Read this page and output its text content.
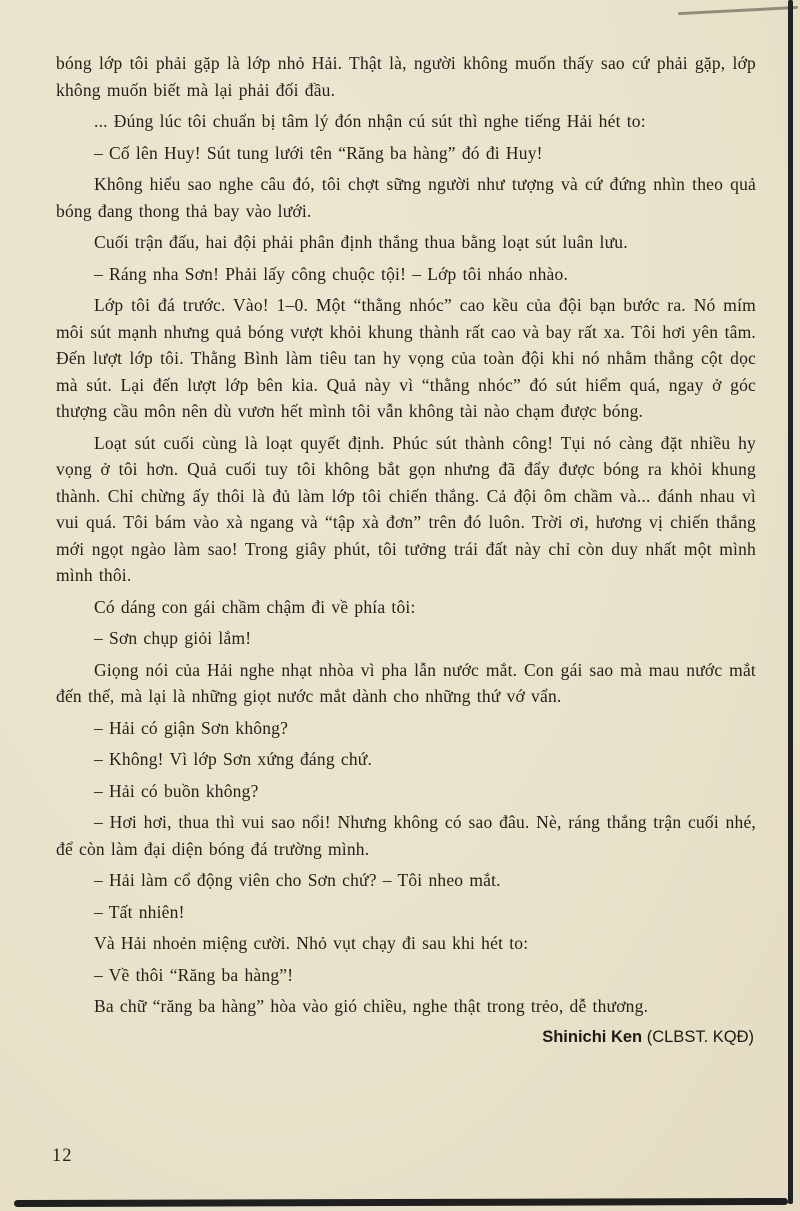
bóng lớp tôi phải gặp là lớp nhỏ Hải. Thật là, người không muốn thấy sao cứ phải gặp, lớp không muốn biết mà lại phải đối đầu.

... Đúng lúc tôi chuẩn bị tâm lý đón nhận cú sút thì nghe tiếng Hải hét to:

– Cố lên Huy! Sút tung lưới tên “Răng ba hàng” đó đi Huy!

Không hiểu sao nghe câu đó, tôi chợt sững người như tượng và cứ đứng nhìn theo quả bóng đang thong thả bay vào lưới.

Cuối trận đấu, hai đội phải phân định thắng thua bằng loạt sút luân lưu.

– Ráng nha Sơn! Phải lấy công chuộc tội! – Lớp tôi nháo nhào.

Lớp tôi đá trước. Vào! 1–0. Một “thằng nhóc” cao kều của đội bạn bước ra. Nó mím môi sút mạnh nhưng quả bóng vượt khỏi khung thành rất cao và bay rất xa. Tôi hơi yên tâm. Đến lượt lớp tôi. Thằng Bình làm tiêu tan hy vọng của toàn đội khi nó nhằm thẳng cột dọc mà sút. Lại đến lượt lớp bên kia. Quả này vì “thằng nhóc” đó sút hiểm quá, ngay ở góc thượng cầu môn nên dù vươn hết mình tôi vẫn không tài nào chạm được bóng.

Loạt sút cuối cùng là loạt quyết định. Phúc sút thành công! Tụi nó càng đặt nhiều hy vọng ở tôi hơn. Quả cuối tuy tôi không bắt gọn nhưng đã đẩy được bóng ra khỏi khung thành. Chỉ chừng ấy thôi là đủ làm lớp tôi chiến thắng. Cả đội ôm chầm và... đánh nhau vì vui quá. Tôi bám vào xà ngang và “tập xà đơn” trên đó luôn. Trời ơi, hương vị chiến thắng mới ngọt ngào làm sao! Trong giây phút, tôi tưởng trái đất này chỉ còn duy nhất một mình mình thôi.

Có dáng con gái chầm chậm đi về phía tôi:

– Sơn chụp giỏi lắm!

Giọng nói của Hải nghe nhạt nhòa vì pha lẫn nước mắt. Con gái sao mà mau nước mắt đến thế, mà lại là những giọt nước mắt dành cho những thứ vớ vẩn.

– Hải có giận Sơn không?

– Không! Vì lớp Sơn xứng đáng chứ.

– Hải có buồn không?

– Hơi hơi, thua thì vui sao nổi! Nhưng không có sao đâu. Nè, ráng thắng trận cuối nhé, để còn làm đại diện bóng đá trường mình.

– Hải làm cổ động viên cho Sơn chứ? – Tôi nheo mắt.

– Tất nhiên!

Và Hải nhoẻn miệng cười. Nhỏ vụt chạy đi sau khi hét to:

– Về thôi “Răng ba hàng”!

Ba chữ “răng ba hàng” hòa vào gió chiều, nghe thật trong trẻo, dễ thương.

Shinichi Ken (CLBST. KQĐ)
12
